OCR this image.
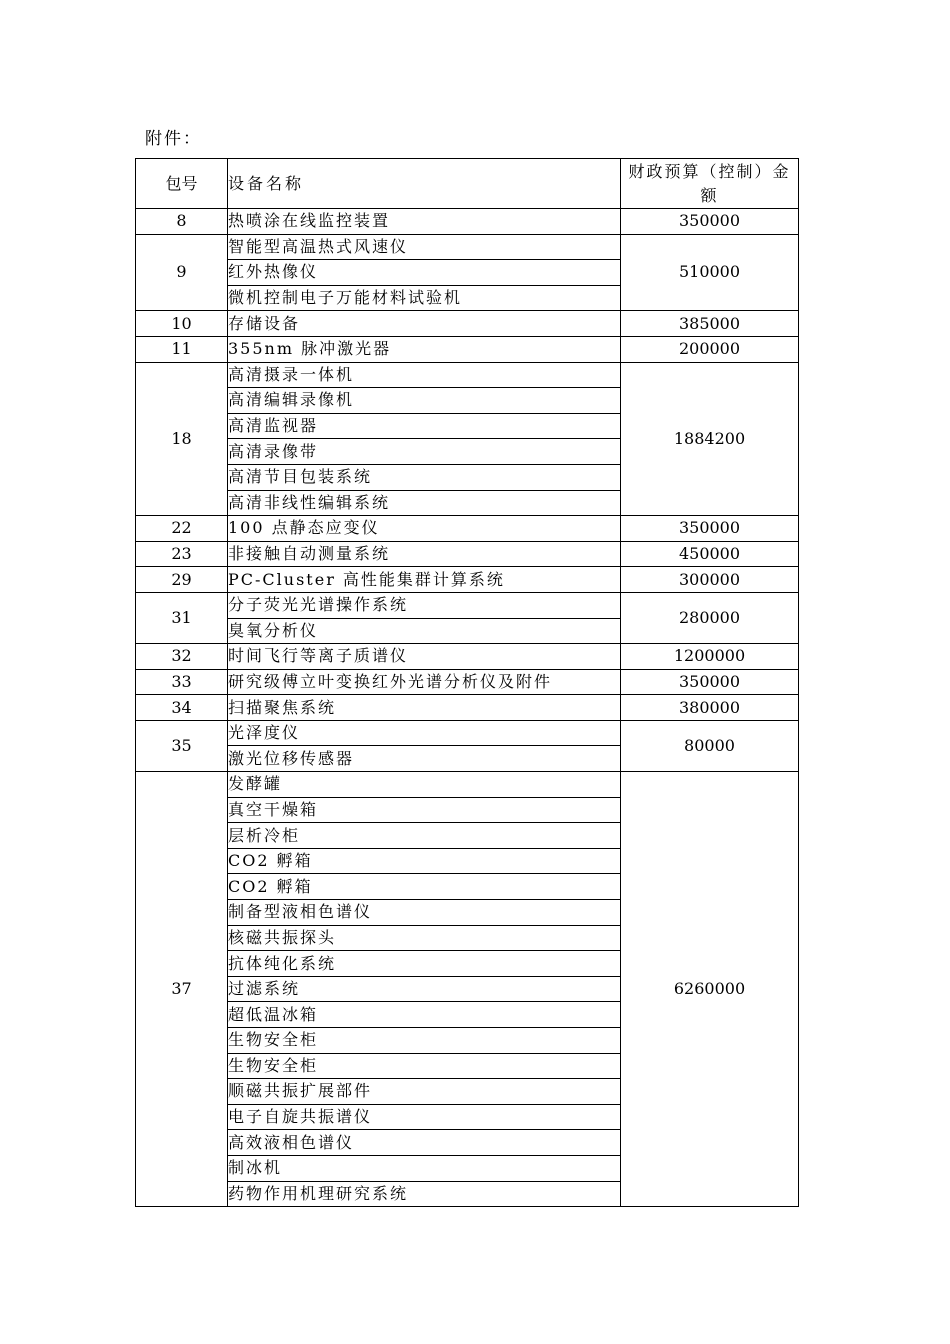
附件：
包号	设备名称	财政预算（控制）金额
8	热喷涂在线监控装置	350000
9	智能型高温热式风速仪	510000
	红外热像仪	
	微机控制电子万能材料试验机	
10	存储设备	385000
11	355nm 脉冲激光器	200000
18	高清摄录一体机	1884200
	高清编辑录像机	
	高清监视器	
	高清录像带	
	高清节目包装系统	
	高清非线性编辑系统	
22	100 点静态应变仪	350000
23	非接触自动测量系统	450000
29	PC-Cluster 高性能集群计算系统	300000
31	分子荧光光谱操作系统	280000
	臭氧分析仪	
32	时间飞行等离子质谱仪	1200000
33	研究级傅立叶变换红外光谱分析仪及附件	350000
34	扫描聚焦系统	380000
35	光泽度仪	80000
	激光位移传感器	
37	发酵罐	6260000
	真空干燥箱	
	层析冷柜	
	CO2 孵箱	
	CO2 孵箱	
	制备型液相色谱仪	
	核磁共振探头	
	抗体纯化系统	
	过滤系统	
	超低温冰箱	
	生物安全柜	
	生物安全柜	
	顺磁共振扩展部件	
	电子自旋共振谱仪	
	高效液相色谱仪	
	制冰机	
	药物作用机理研究系统	
